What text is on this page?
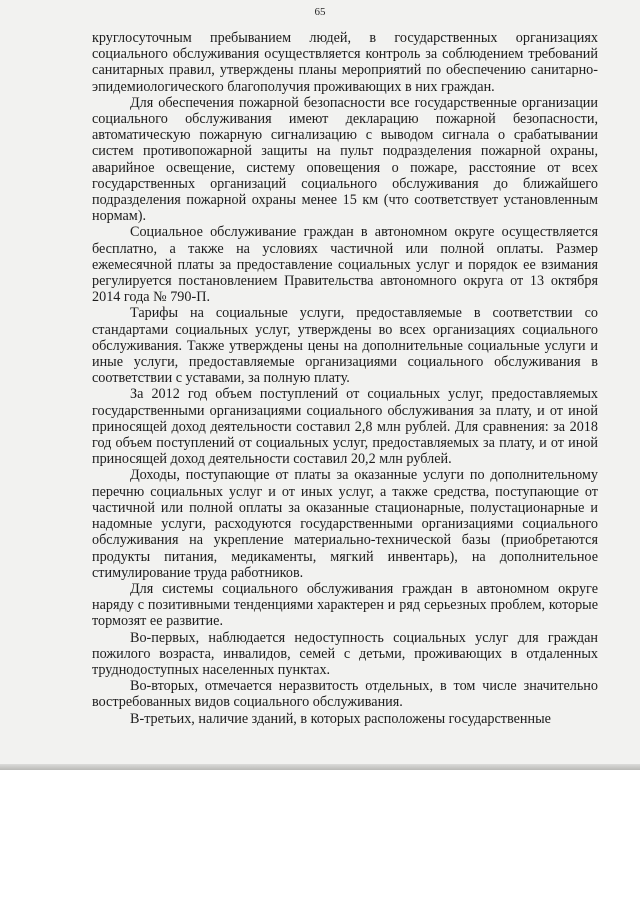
65

круглосуточным пребыванием людей, в государственных организациях социального обслуживания осуществляется контроль за соблюдением требований санитарных правил, утверждены планы мероприятий по обеспечению санитарно-эпидемиологического благополучия проживающих в них граждан.

Для обеспечения пожарной безопасности все государственные организации социального обслуживания имеют декларацию пожарной безопасности, автоматическую пожарную сигнализацию с выводом сигнала о срабатывании систем противопожарной защиты на пульт подразделения пожарной охраны, аварийное освещение, систему оповещения о пожаре, расстояние от всех государственных организаций социального обслуживания до ближайшего подразделения пожарной охраны менее 15 км (что соответствует установленным нормам).

Социальное обслуживание граждан в автономном округе осуществляется бесплатно, а также на условиях частичной или полной оплаты. Размер ежемесячной платы за предоставление социальных услуг и порядок ее взимания регулируется постановлением Правительства автономного округа от 13 октября 2014 года № 790-П.

Тарифы на социальные услуги, предоставляемые в соответствии со стандартами социальных услуг, утверждены во всех организациях социального обслуживания. Также утверждены цены на дополнительные социальные услуги и иные услуги, предоставляемые организациями социального обслуживания в соответствии с уставами, за полную плату.

За 2012 год объем поступлений от социальных услуг, предоставляемых государственными организациями социального обслуживания за плату, и от иной приносящей доход деятельности составил 2,8 млн рублей. Для сравнения: за 2018 год объем поступлений от социальных услуг, предоставляемых за плату, и от иной приносящей доход деятельности составил 20,2 млн рублей.

Доходы, поступающие от платы за оказанные услуги по дополнительному перечню социальных услуг и от иных услуг, а также средства, поступающие от частичной или полной оплаты за оказанные стационарные, полустационарные и надомные услуги, расходуются государственными организациями социального обслуживания на укрепление материально-технической базы (приобретаются продукты питания, медикаменты, мягкий инвентарь), на дополнительное стимулирование труда работников.

Для системы социального обслуживания граждан в автономном округе наряду с позитивными тенденциями характерен и ряд серьезных проблем, которые тормозят ее развитие.

Во-первых, наблюдается недоступность социальных услуг для граждан пожилого возраста, инвалидов, семей с детьми, проживающих в отдаленных труднодоступных населенных пунктах.

Во-вторых, отмечается неразвитость отдельных, в том числе значительно востребованных видов социального обслуживания.

В-третьих, наличие зданий, в которых расположены государственные
